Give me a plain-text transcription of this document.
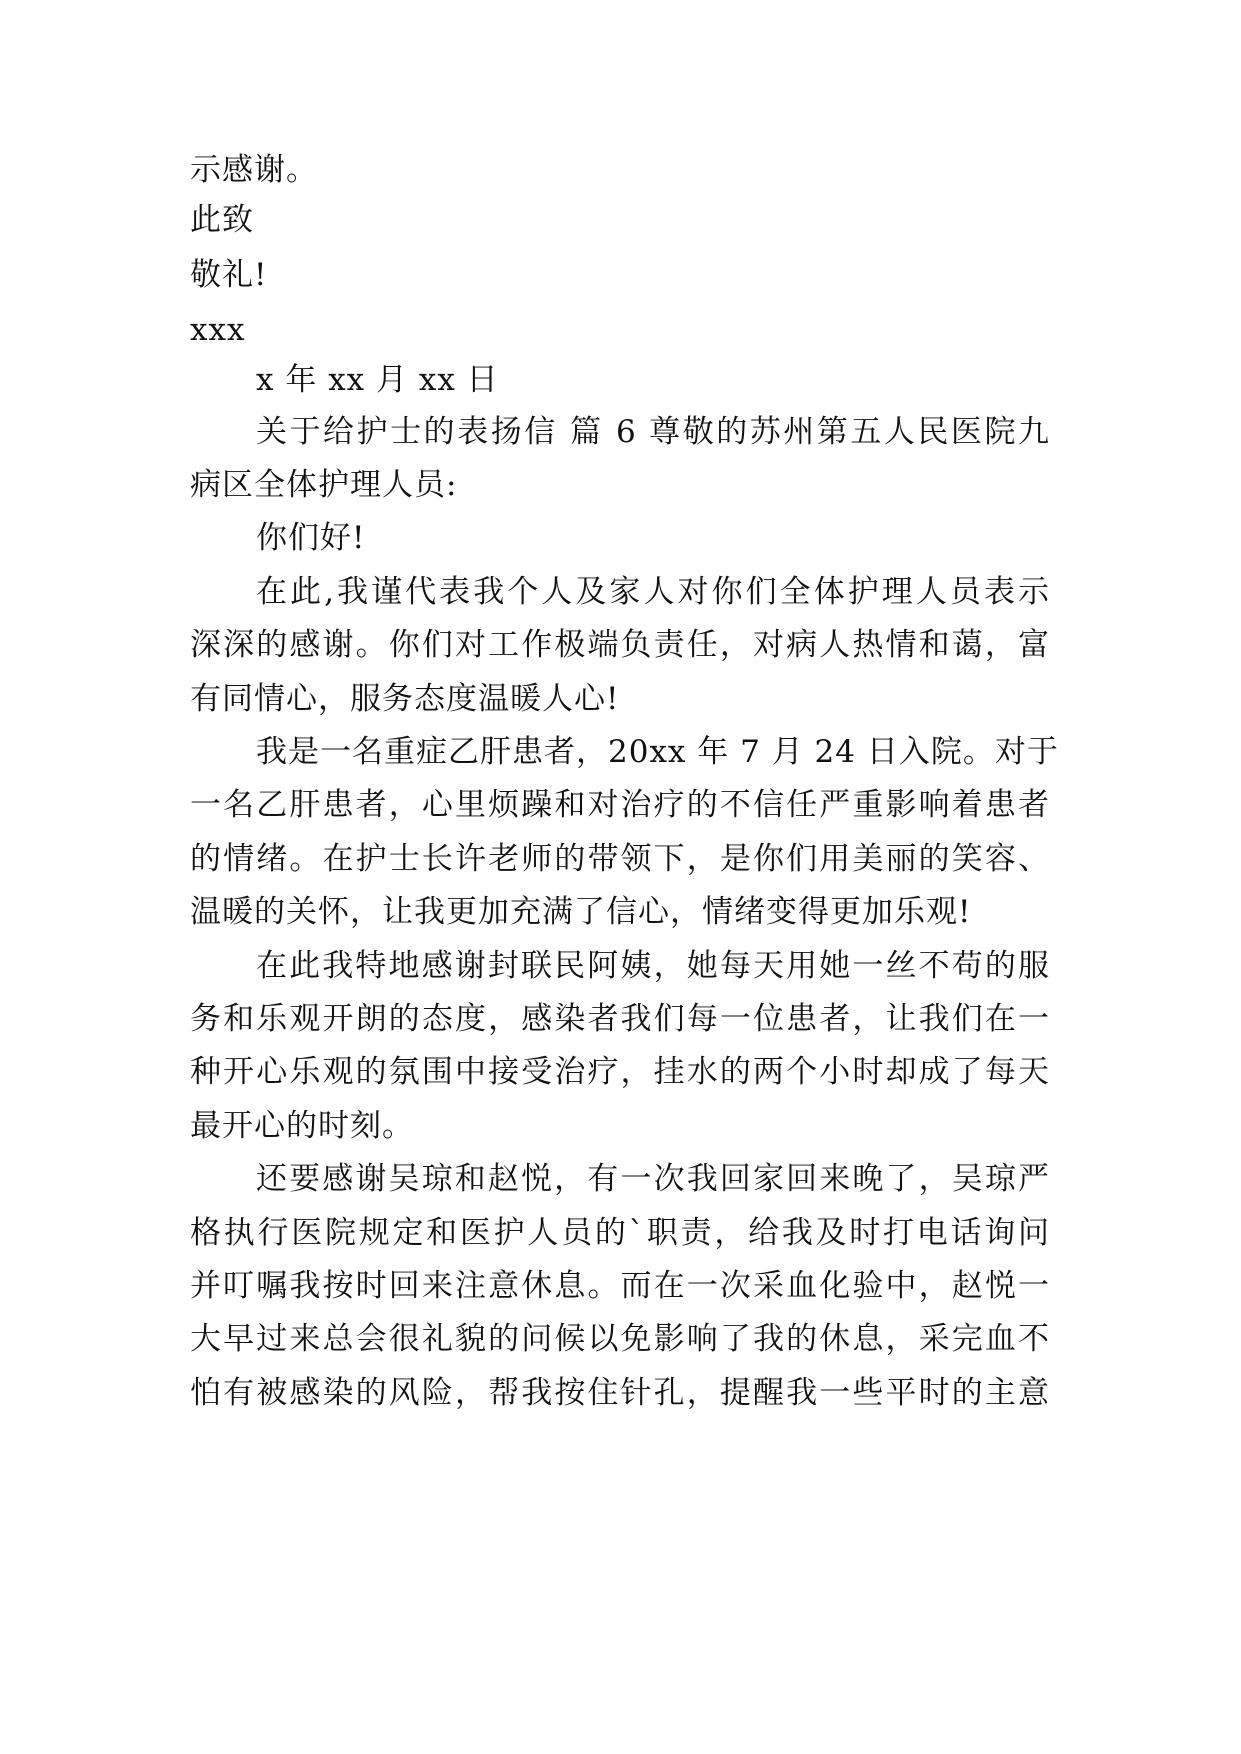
示感谢。
此致
敬礼!
xxx
x 年 xx 月 xx 日
关于给护士的表扬信 篇 6 尊敬的苏州第五人民医院九
病区全体护理人员:
你们好!
在此,我谨代表我个人及家人对你们全体护理人员表示
深深的感谢。你们对工作极端负责任，对病人热情和蔼，富
有同情心，服务态度温暖人心!
我是一名重症乙肝患者，20xx 年 7 月 24 日入院。对于
一名乙肝患者，心里烦躁和对治疗的不信任严重影响着患者
的情绪。在护士长许老师的带领下，是你们用美丽的笑容、
温暖的关怀，让我更加充满了信心，情绪变得更加乐观!
在此我特地感谢封联民阿姨，她每天用她一丝不苟的服
务和乐观开朗的态度，感染者我们每一位患者，让我们在一
种开心乐观的氛围中接受治疗，挂水的两个小时却成了每天
最开心的时刻。
还要感谢吴琼和赵悦，有一次我回家回来晚了，吴琼严
格执行医院规定和医护人员的`职责，给我及时打电话询问
并叮嘱我按时回来注意休息。而在一次采血化验中，赵悦一
大早过来总会很礼貌的问候以免影响了我的休息，采完血不
怕有被感染的风险，帮我按住针孔，提醒我一些平时的主意
